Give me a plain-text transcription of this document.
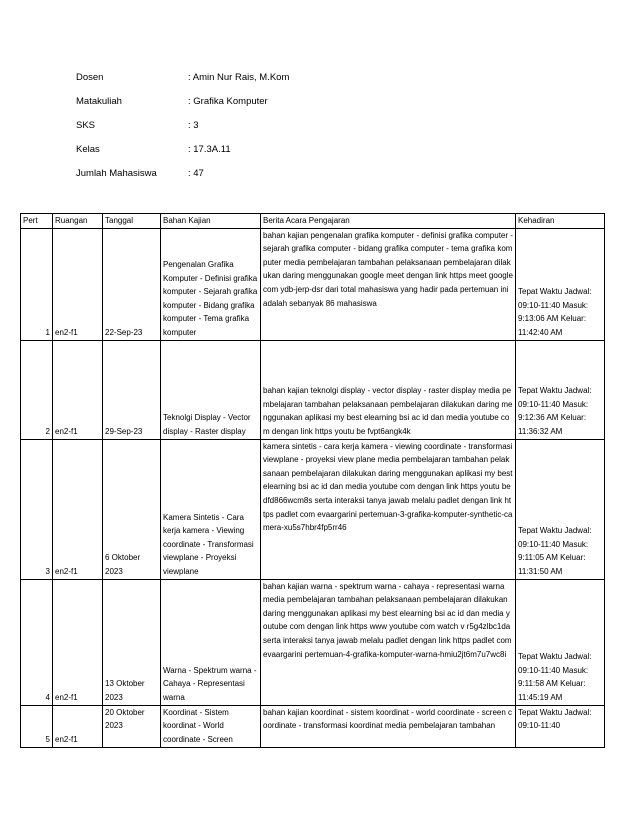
Dosen	: Amin Nur Rais, M.Kom
Matakuliah	: Grafika Komputer
SKS	: 3
Kelas	: 17.3A.11
Jumlah Mahasiswa	: 47
Pert	Ruangan	Tanggal	Bahan Kajian	Berita Acara Pengajaran	Kehadiran
1	en2-f1	22-Sep-23	Pengenalan Grafika Komputer - Definisi grafika komputer - Sejarah grafika komputer - Bidang grafika komputer - Tema grafika komputer	bahan kajian pengenalan grafika komputer - definisi grafika computer - sejarah grafika computer - bidang grafika computer - tema grafika komputer media pembelajaran tambahan pelaksanaan pembelajaran dilakukan daring menggunakan google meet dengan link https meet google com ydb-jerp-dsr dari total mahasiswa yang hadir pada pertemuan ini adalah sebanyak 86 mahasiswa	Tepat Waktu Jadwal: 09:10-11:40 Masuk: 9:13:06 AM Keluar: 11:42:40 AM
2	en2-f1	29-Sep-23	Teknolgi Display - Vector display - Raster display	bahan kajian teknolgi display - vector display - raster display media pembelajaran tambahan pelaksanaan pembelajaran dilakukan daring menggunakan aplikasi my best elearning bsi ac id dan media youtube com dengan link https youtu be fvpt6angk4k	Tepat Waktu Jadwal: 09:10-11:40 Masuk: 9:12:36 AM Keluar: 11:36:32 AM
3	en2-f1	6 Oktober 2023	Kamera Sintetis - Cara kerja kamera - Viewing coordinate - Transformasi viewplane - Proyeksi viewplane	kamera sintetis - cara kerja kamera - viewing coordinate - transformasi viewplane - proyeksi view plane media pembelajaran tambahan pelaksanaan pembelajaran dilakukan daring menggunakan aplikasi my best elearning bsi ac id dan media youtube com dengan link https youtu be dfd866wcm8s serta interaksi tanya jawab melalu padlet dengan link https padlet com evaargarini pertemuan-3-grafika-komputer-synthetic-camera-xu5s7hbr4fp5rr46	Tepat Waktu Jadwal: 09:10-11:40 Masuk: 9:11:05 AM Keluar: 11:31:50 AM
4	en2-f1	13 Oktober 2023	Warna - Spektrum warna - Cahaya - Representasi warna	bahan kajian warna - spektrum warna - cahaya - representasi warna media pembelajaran tambahan pelaksanaan pembelajaran dilakukan daring menggunakan aplikasi my best elearning bsi ac id dan media youtube com dengan link https www youtube com watch v r5g4zlbc1da serta interaksi tanya jawab melalu padlet dengan link https padlet com evaargarini pertemuan-4-grafika-komputer-warna-hmiu2jt6m7u7wc8i	Tepat Waktu Jadwal: 09:10-11:40 Masuk: 9:11:58 AM Keluar: 11:45:19 AM
5	en2-f1	20 Oktober 2023	Koordinat - Sistem koordinat - World coordinate - Screen	bahan kajian koordinat - sistem koordinat - world coordinate - screen coordinate - transformasi koordinat media pembelajaran tambahan	Tepat Waktu Jadwal: 09:10-11:40
